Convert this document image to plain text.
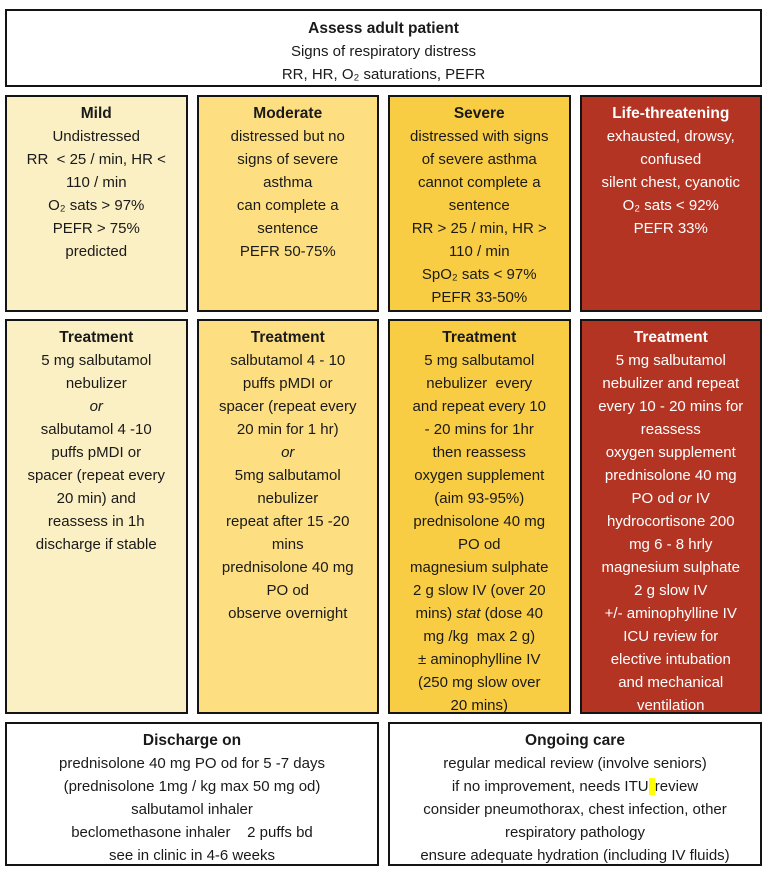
Assess adult patient
Signs of respiratory distress
RR, HR, O₂ saturations, PEFR
Mild
Undistressed
RR  < 25 / min, HR <
110 / min
O₂ sats > 97%
PEFR > 75%
predicted
Moderate
distressed but no
signs of severe
asthma
can complete a
sentence
PEFR 50-75%
Severe
distressed with signs
of severe asthma
cannot complete a
sentence
RR > 25 / min, HR >
110 / min
SpO₂ sats < 97%
PEFR 33-50%
Life-threatening
exhausted, drowsy,
confused
silent chest, cyanotic
O₂ sats < 92%
PEFR 33%
Treatment
5 mg salbutamol
nebulizer
or
salbutamol 4 -10
puffs pMDI or
spacer (repeat every
20 min) and
reassess in 1h
discharge if stable
Treatment
salbutamol 4 - 10
puffs pMDI or
spacer (repeat every
20 min for 1 hr)
or
5mg salbutamol
nebulizer
repeat after 15 -20
mins
prednisolone 40 mg
PO od
observe overnight
Treatment
5 mg salbutamol
nebulizer  every
and repeat every 10
- 20 mins for 1hr
then reassess
oxygen supplement
(aim 93-95%)
prednisolone 40 mg
PO od
magnesium sulphate
2 g slow IV (over 20
mins) stat (dose 40
mg /kg  max 2 g)
± aminophylline IV
(250 mg slow over
20 mins)
Treatment
5 mg salbutamol
nebulizer and repeat
every 10 - 20 mins for
reassess
oxygen supplement
prednisolone 40 mg
PO od or IV
hydrocortisone 200
mg 6 - 8 hrly
magnesium sulphate
2 g slow IV
+/- aminophylline IV
ICU review for
elective intubation
and mechanical
ventilation
Discharge on
prednisolone 40 mg PO od for 5 -7 days
(prednisolone 1mg / kg max 50 mg od)
salbutamol inhaler
beclomethasone inhaler    2 puffs bd
see in clinic in 4-6 weeks
Ongoing care
regular medical review (involve seniors)
if no improvement, needs ITU review
consider pneumothorax, chest infection, other
respiratory pathology
ensure adequate hydration (including IV fluids)
